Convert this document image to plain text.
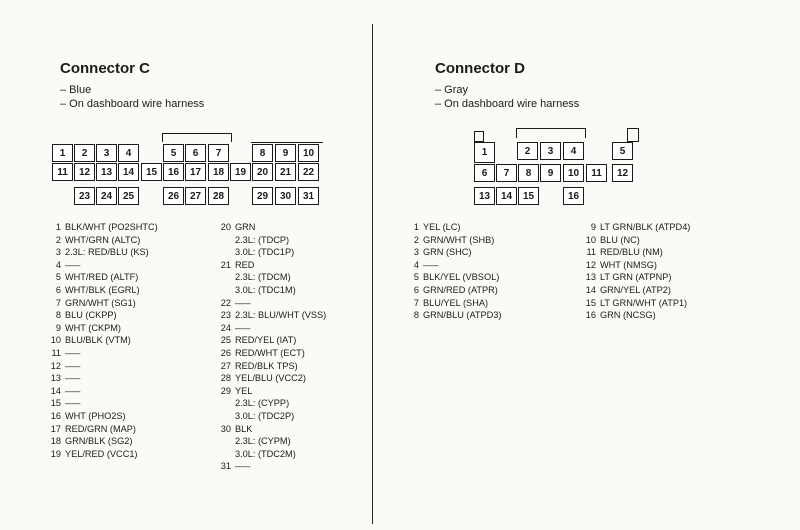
Connector C
– Blue
– On dashboard wire harness
1	2	3	4	5	6	7	8	9	10
11	12	13	14	15	16	17	18	19	20	21	22
23	24	25	26	27	28	29	30	31
1 BLK/WHT (PO2SHTC)
2 WHT/GRN (ALTC)
3 2.3L: RED/BLU (KS)
4 –––
5 WHT/RED (ALTF)
6 WHT/BLK (EGRL)
7 GRN/WHT (SG1)
8 BLU (CKPP)
9 WHT (CKPM)
10 BLU/BLK (VTM)
11 –––
12 –––
13 –––
14 –––
15 –––
16 WHT (PHO2S)
17 RED/GRN (MAP)
18 GRN/BLK (SG2)
19 YEL/RED (VCC1)
20 GRN
2.3L: (TDCP)
3.0L: (TDC1P)
21 RED
2.3L: (TDCM)
3.0L: (TDC1M)
22 –––
23 2.3L: BLU/WHT (VSS)
24 –––
25 RED/YEL (IAT)
26 RED/WHT (ECT)
27 RED/BLK TPS)
28 YEL/BLU (VCC2)
29 YEL
2.3L: (CYPP)
3.0L: (TDC2P)
30 BLK
2.3L: (CYPM)
3.0L: (TDC2M)
31 –––
Connector D
– Gray
– On dashboard wire harness
1	2	3	4	5
6	7	8	9	10	11	12
13	14	15	16
1 YEL (LC)
2 GRN/WHT (SHB)
3 GRN (SHC)
4 –––
5 BLK/YEL (VBSOL)
6 GRN/RED (ATPR)
7 BLU/YEL (SHA)
8 GRN/BLU (ATPD3)
9 LT GRN/BLK (ATPD4)
10 BLU (NC)
11 RED/BLU (NM)
12 WHT (NMSG)
13 LT GRN (ATPNP)
14 GRN/YEL (ATP2)
15 LT GRN/WHT (ATP1)
16 GRN (NCSG)
